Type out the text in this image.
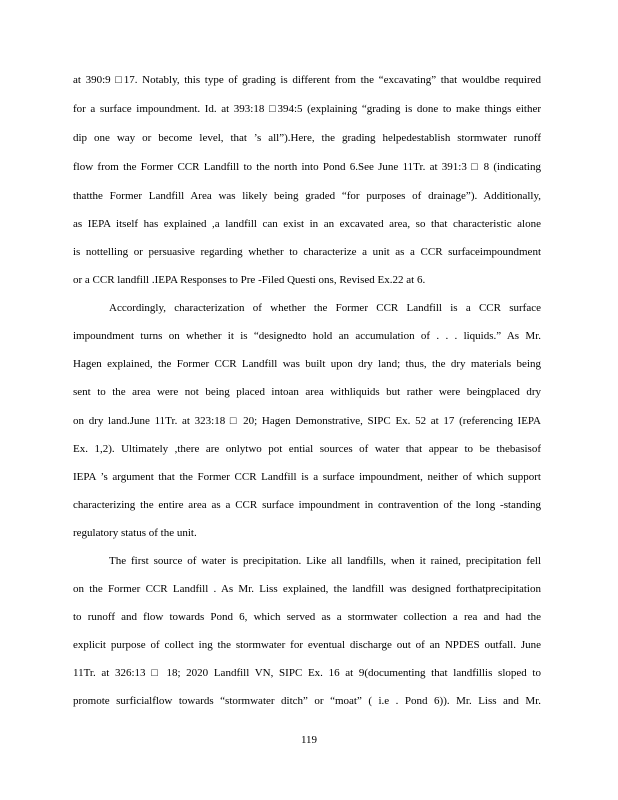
at 390:9 □17. Notably, this type of grading is different from the “excavating” that wouldbe required
for a surface impoundment. Id. at 393:18 □394:5 (explaining “grading is done to make things either
dip one way or become level, that ’s all”).Here, the grading helpedestablish stormwater runoff
flow from the Former CCR Landfill to the north into Pond 6.See June 11Tr. at 391:3 □ 8 (indicating
thatthe Former Landfill Area was likely being graded “for purposes of drainage”). Additionally,
as IEPA itself has explained ,a landfill can exist in an excavated area, so that characteristic alone
is nottelling or persuasive regarding whether to characterize a unit as a CCR surfaceimpoundment
or a CCR landfill .IEPA Responses to Pre -Filed Questi ons, Revised Ex.22 at 6.
Accordingly, characterization of whether the Former CCR Landfill is a CCR surface
impoundment turns on whether it is “designedto hold an accumulation of . . . liquids.” As Mr.
Hagen explained, the Former CCR Landfill was built upon dry land; thus, the dry materials being
sent to the area were not being placed intoan area withliquids but rather were beingplaced dry
on dry land.June 11Tr. at 323:18 □ 20; Hagen Demonstrative, SIPC Ex. 52 at 17 (referencing IEPA
Ex. 1,2). Ultimately ,there are onlytwo pot ential sources of water that appear to be thebasisof
IEPA ’s argument that the Former CCR Landfill is a surface impoundment, neither of which support
characterizing the entire area as a CCR surface impoundment in contravention of the long -standing
regulatory status of the unit.
The first source of water is precipitation. Like all landfills, when it rained, precipitation fell
on the Former CCR Landfill . As Mr. Liss explained, the landfill was designed forthatprecipitation
to runoff and flow towards Pond 6, which served as a stormwater collection a rea and had the
explicit purpose of collect ing the stormwater for eventual discharge out of an NPDES outfall. June
11Tr. at 326:13 □ 18; 2020 Landfill VN, SIPC Ex. 16 at 9(documenting that landfillis sloped to
promote surficialflow towards “stormwater ditch” or “moat” ( i.e . Pond 6)). Mr. Liss and Mr.
119
